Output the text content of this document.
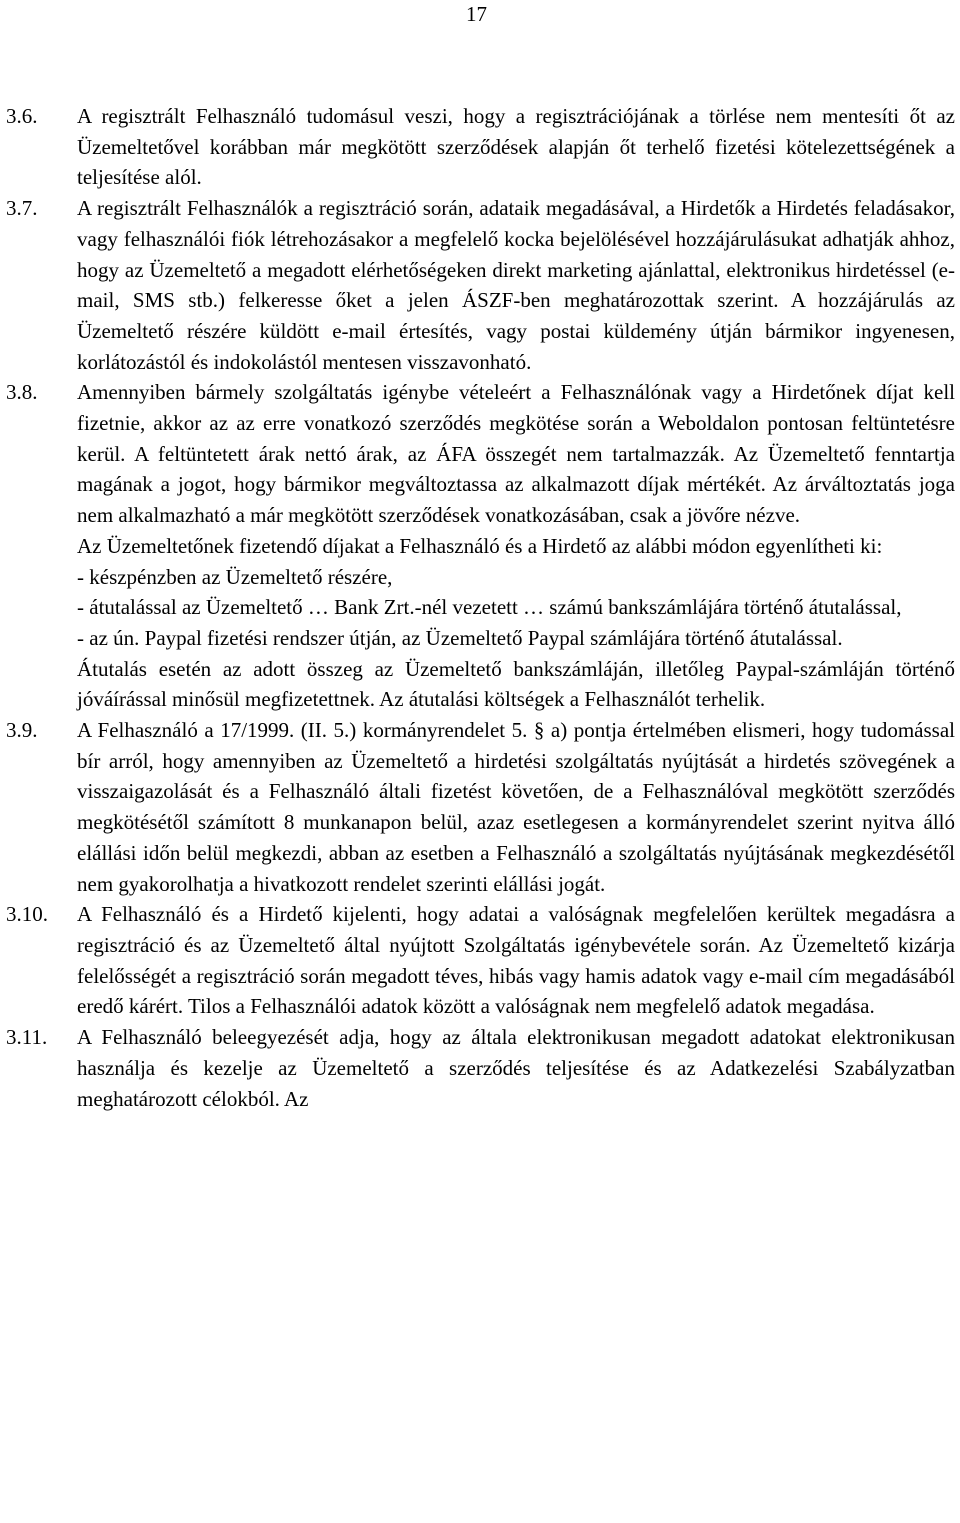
17
3.6.	A regisztrált Felhasználó tudomásul veszi, hogy a regisztrációjának a törlése nem mentesíti őt az Üzemeltetővel korábban már megkötött szerződések alapján őt terhelő fizetési kötelezettségének a teljesítése alól.

3.7.	A regisztrált Felhasználók a regisztráció során, adataik megadásával, a Hirdetők a Hirdetés feladásakor, vagy felhasználói fiók létrehozásakor a megfelelő kocka bejelölésével hozzájárulásukat adhatják ahhoz, hogy az Üzemeltető a megadott elérhetőségeken direkt marketing ajánlattal, elektronikus hirdetéssel (e-mail, SMS stb.) felkeresse őket a jelen ÁSZF-ben meghatározottak szerint. A hozzájárulás az Üzemeltető részére küldött e-mail értesítés, vagy postai küldemény útján bármikor ingyenesen, korlátozástól és indokolástól mentesen visszavonható.

3.8.	Amennyiben bármely szolgáltatás igénybe vételeért a Felhasználónak vagy a Hirdetőnek díjat kell fizetnie, akkor az az erre vonatkozó szerződés megkötése során a Weboldalon pontosan feltüntetésre kerül. A feltüntetett árak nettó árak, az ÁFA összegét nem tartalmazzák. Az Üzemeltető fenntartja magának a jogot, hogy bármikor megváltoztassa az alkalmazott díjak mértékét. Az árváltoztatás joga nem alkalmazható a már megkötött szerződések vonatkozásában, csak a jövőre nézve.

Az Üzemeltetőnek fizetendő díjakat a Felhasználó és a Hirdető az alábbi módon egyenlítheti ki:

- készpénzben az Üzemeltető részére,

- átutalással az Üzemeltető … Bank Zrt.-nél vezetett … számú bankszámlájára történő átutalással,

- az ún. Paypal fizetési rendszer útján, az Üzemeltető Paypal számlájára történő átutalással.

Átutalás esetén az adott összeg az Üzemeltető bankszámláján, illetőleg Paypal-számláján történő jóváírással minősül megfizetettnek. Az átutalási költségek a Felhasználót terhelik.

3.9.	A Felhasználó a 17/1999. (II. 5.) kormányrendelet 5. § a) pontja értelmében elismeri, hogy tudomással bír arról, hogy amennyiben az Üzemeltető a hirdetési szolgáltatás nyújtását a hirdetés szövegének a visszaigazolását és a Felhasználó általi fizetést követően, de a Felhasználóval megkötött szerződés megkötésétől számított 8 munkanapon belül, azaz esetlegesen a kormányrendelet szerint nyitva álló elállási időn belül megkezdi, abban az esetben a Felhasználó a szolgáltatás nyújtásának megkezdésétől nem gyakorolhatja a hivatkozott rendelet szerinti elállási jogát.

3.10.	A Felhasználó és a Hirdető kijelenti, hogy adatai a valóságnak megfelelően kerültek megadásra a regisztráció és az Üzemeltető által nyújtott Szolgáltatás igénybevétele során. Az Üzemeltető kizárja felelősségét a regisztráció során megadott téves, hibás vagy hamis adatok vagy e-mail cím megadásából eredő kárért. Tilos a Felhasználói adatok között a valóságnak nem megfelelő adatok megadása.

3.11.	A Felhasználó beleegyezését adja, hogy az általa elektronikusan megadott adatokat elektronikusan használja és kezelje az Üzemeltető a szerződés teljesítése és az Adatkezelési Szabályzatban meghatározott célokból. Az
